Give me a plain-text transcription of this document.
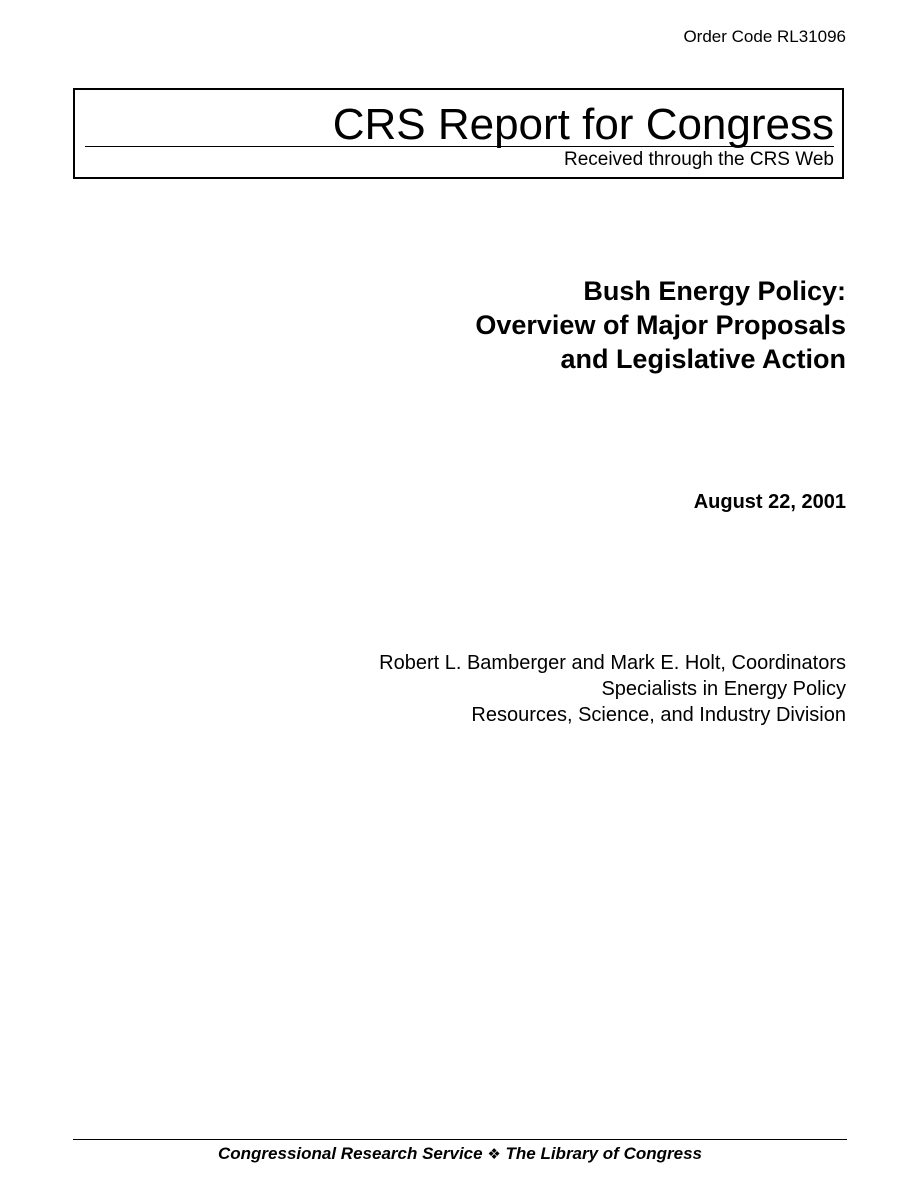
Order Code RL31096
CRS Report for Congress
Received through the CRS Web
Bush Energy Policy:
Overview of Major Proposals
and Legislative Action
August 22, 2001
Robert L. Bamberger and Mark E. Holt, Coordinators
Specialists in Energy Policy
Resources, Science, and Industry Division
Congressional Research Service ❖ The Library of Congress
